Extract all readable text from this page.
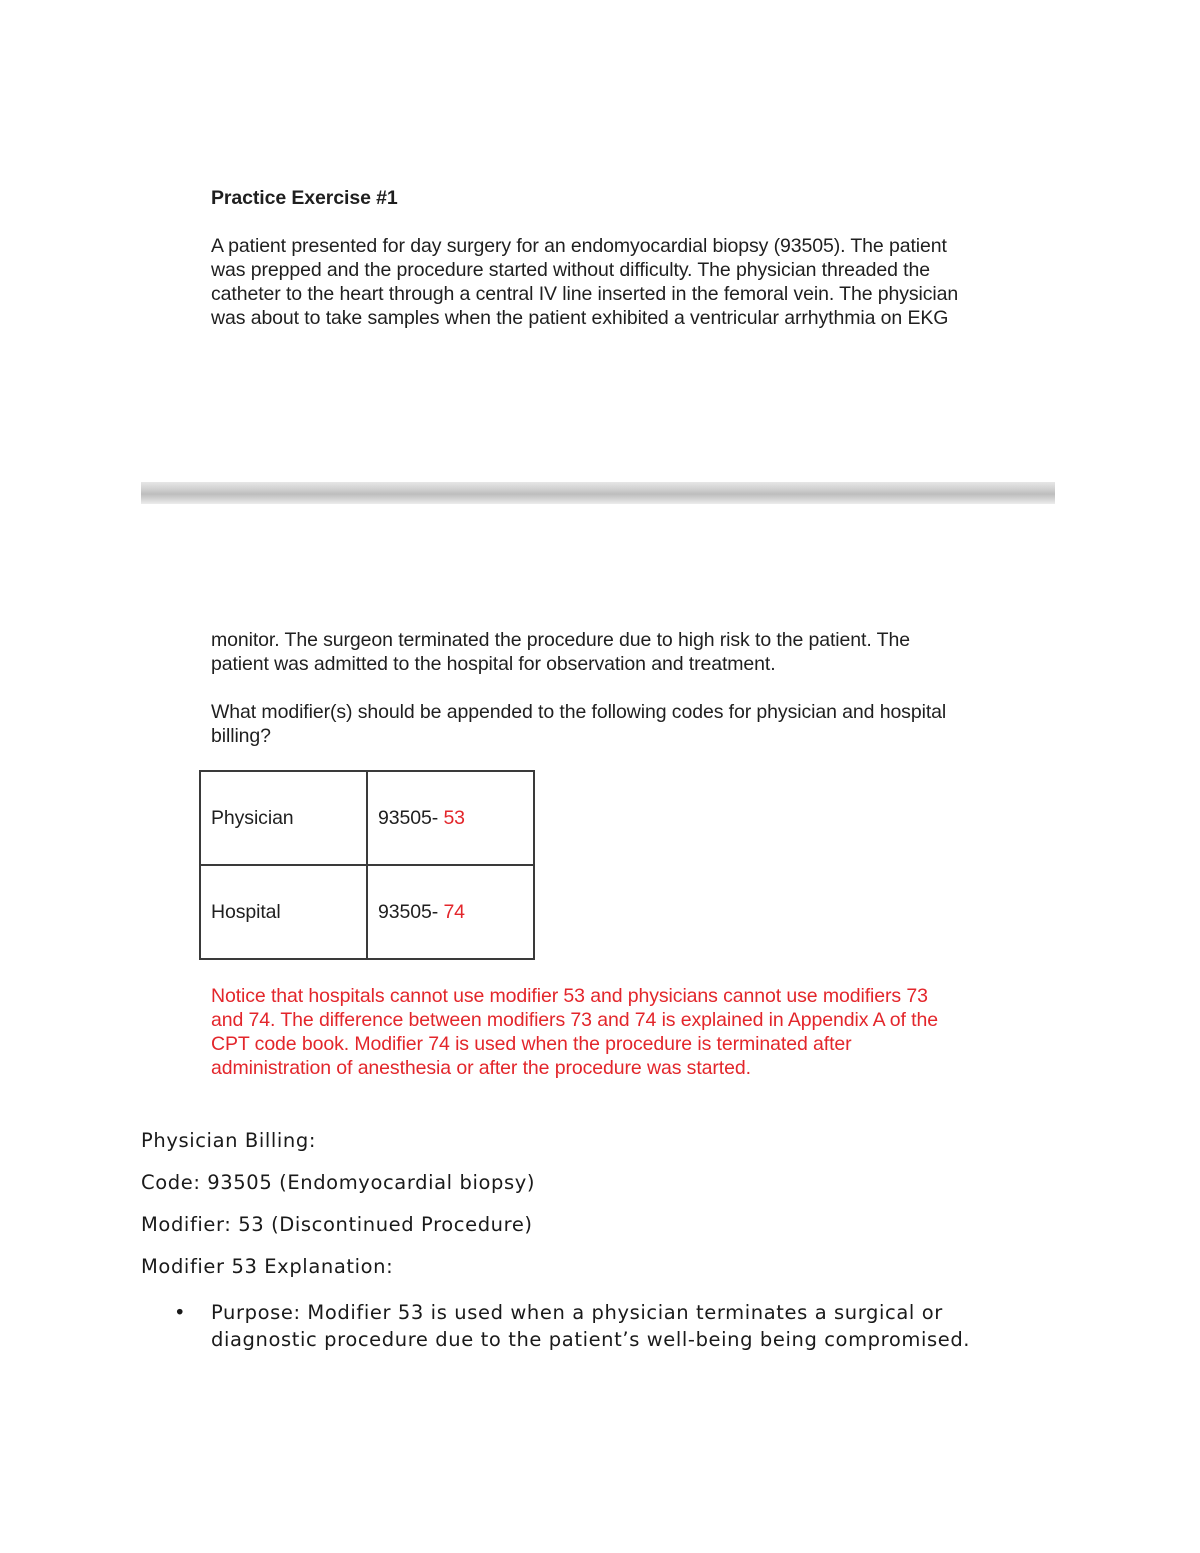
Practice Exercise #1
A patient presented for day surgery for an endomyocardial biopsy (93505). The patient
was prepped and the procedure started without difficulty. The physician threaded the
catheter to the heart through a central IV line inserted in the femoral vein. The physician
was about to take samples when the patient exhibited a ventricular arrhythmia on EKG
monitor. The surgeon terminated the procedure due to high risk to the patient. The
patient was admitted to the hospital for observation and treatment.
What modifier(s) should be appended to the following codes for physician and hospital
billing?
Physician	93505- 53
Hospital	93505- 74
Notice that hospitals cannot use modifier 53 and physicians cannot use modifiers 73
and 74. The difference between modifiers 73 and 74 is explained in Appendix A of the
CPT code book. Modifier 74 is used when the procedure is terminated after
administration of anesthesia or after the procedure was started.
Physician Billing:
Code: 93505 (Endomyocardial biopsy)
Modifier: 53 (Discontinued Procedure)
Modifier 53 Explanation:
• Purpose: Modifier 53 is used when a physician terminates a surgical or
diagnostic procedure due to the patient’s well-being being compromised.
